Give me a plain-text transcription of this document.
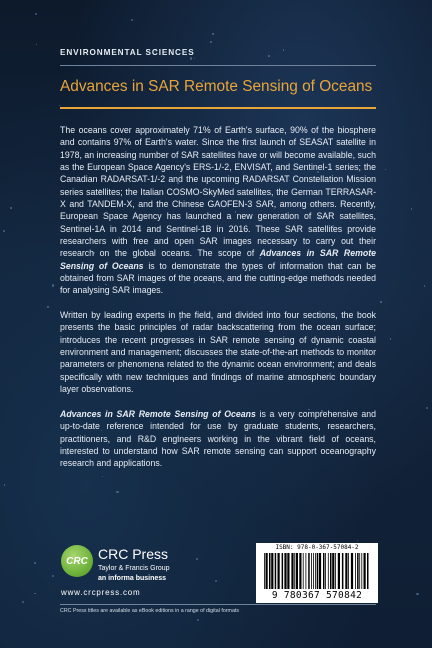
ENVIRONMENTAL SCIENCES
Advances in SAR Remote Sensing of Oceans

The oceans cover approximately 71% of Earth's surface, 90% of the biosphere and contains 97% of Earth's water. Since the first launch of SEASAT satellite in 1978, an increasing number of SAR satellites have or will become available, such as the European Space Agency's ERS-1/-2, ENVISAT, and Sentinel-1 series; the Canadian RADARSAT-1/-2 and the upcoming RADARSAT Constellation Mission series satellites; the Italian COSMO-SkyMed satellites, the German TERRASAR-X and TANDEM-X, and the Chinese GAOFEN-3 SAR, among others. Recently, European Space Agency has launched a new generation of SAR satellites, Sentinel-1A in 2014 and Sentinel-1B in 2016. These SAR satellites provide researchers with free and open SAR images necessary to carry out their research on the global oceans. The scope of Advances in SAR Remote Sensing of Oceans is to demonstrate the types of information that can be obtained from SAR images of the oceans, and the cutting-edge methods needed for analysing SAR images.

Written by leading experts in the field, and divided into four sections, the book presents the basic principles of radar backscattering from the ocean surface; introduces the recent progresses in SAR remote sensing of dynamic coastal environment and management; discusses the state-of-the-art methods to monitor parameters or phenomena related to the dynamic ocean environment; and deals specifically with new techniques and findings of marine atmospheric boundary layer observations.

Advances in SAR Remote Sensing of Oceans is a very comprehensive and up-to-date reference intended for use by graduate students, researchers, practitioners, and R&D engineers working in the vibrant field of oceans, interested to understand how SAR remote sensing can support oceanography research and applications.

CRC CRC Press
Taylor & Francis Group
an informa business
www.crcpress.com
ISBN: 978-0-367-57084-2
9 780367 570842
CRC Press titles are available as eBook editions in a range of digital formats
